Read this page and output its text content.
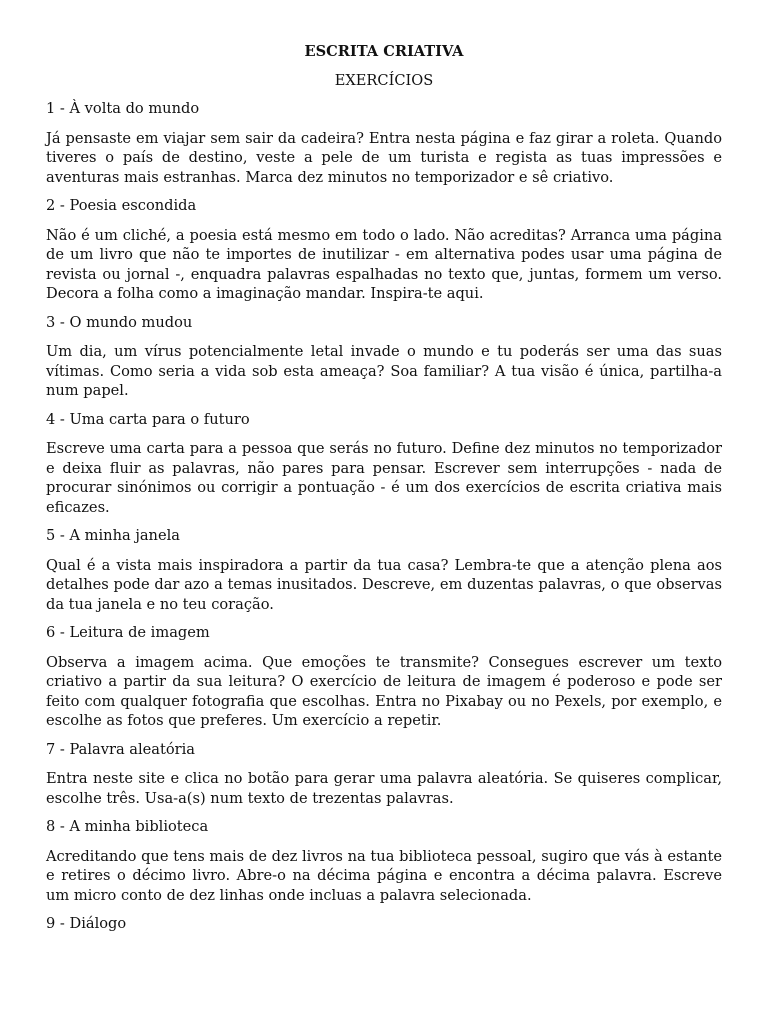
ESCRITA CRIATIVA
EXERCÍCIOS
1 - À volta do mundo
Já pensaste em viajar sem sair da cadeira? Entra nesta página e faz girar a roleta. Quando tiveres o país de destino, veste a pele de um turista e regista as tuas impressões e aventuras mais estranhas. Marca dez minutos no temporizador e sê criativo.
2 - Poesia escondida
Não é um cliché, a poesia está mesmo em todo o lado. Não acreditas? Arranca uma página de um livro que não te importes de inutilizar - em alternativa podes usar uma página de revista ou jornal -, enquadra palavras espalhadas no texto que, juntas, formem um verso. Decora a folha como a imaginação mandar. Inspira-te aqui.
3 - O mundo mudou
Um dia, um vírus potencialmente letal invade o mundo e tu poderás ser uma das suas vítimas. Como seria a vida sob esta ameaça? Soa familiar? A tua visão é única, partilha-a num papel.
4 - Uma carta para o futuro
Escreve uma carta para a pessoa que serás no futuro. Define dez minutos no temporizador e deixa fluir as palavras, não pares para pensar. Escrever sem interrupções - nada de procurar sinónimos ou corrigir a pontuação - é um dos exercícios de escrita criativa mais eficazes.
5 - A minha janela
Qual é a vista mais inspiradora a partir da tua casa? Lembra-te que a atenção plena aos detalhes pode dar azo a temas inusitados. Descreve, em duzentas palavras, o que observas da tua janela e no teu coração.
6 - Leitura de imagem
Observa a imagem acima. Que emoções te transmite? Consegues escrever um texto criativo a partir da sua leitura? O exercício de leitura de imagem é poderoso e pode ser feito com qualquer fotografia que escolhas. Entra no Pixabay ou no Pexels, por exemplo, e escolhe as fotos que preferes. Um exercício a repetir.
7 - Palavra aleatória
Entra neste site e clica no botão para gerar uma palavra aleatória. Se quiseres complicar, escolhe três. Usa-a(s) num texto de trezentas palavras.
8 - A minha biblioteca
Acreditando que tens mais de dez livros na tua biblioteca pessoal, sugiro que vás à estante e retires o décimo livro. Abre-o na décima página e encontra a décima palavra. Escreve um micro conto de dez linhas onde incluas a palavra selecionada.
9 - Diálogo
